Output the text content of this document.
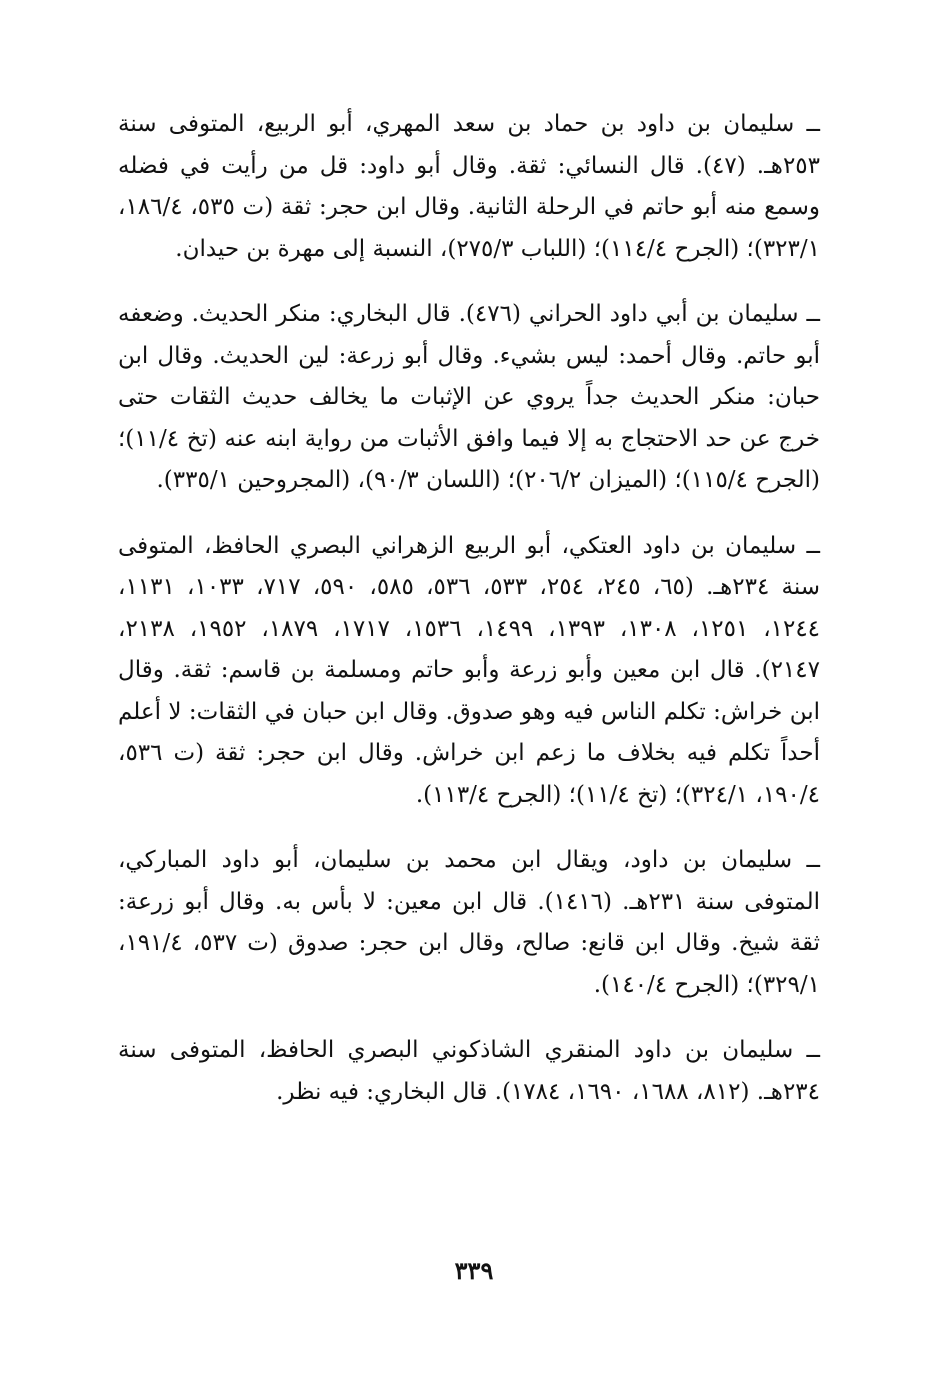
ــ سليمان بن داود بن حماد بن سعد المهري، أبو الربيع، المتوفى سنة ٢٥٣هـ. (٤٧). قال النسائي: ثقة. وقال أبو داود: قل من رأيت في فضله وسمع منه أبو حاتم في الرحلة الثانية. وقال ابن حجر: ثقة (ت ٥٣٥، ١٨٦/٤، ٣٢٣/١)؛ (الجرح ١١٤/٤)؛ (اللباب ٢٧٥/٣)، النسبة إلى مهرة بن حيدان.

ــ سليمان بن أبي داود الحراني (٤٧٦). قال البخاري: منكر الحديث. وضعفه أبو حاتم. وقال أحمد: ليس بشيء. وقال أبو زرعة: لين الحديث. وقال ابن حبان: منكر الحديث جداً يروي عن الإثبات ما يخالف حديث الثقات حتى خرج عن حد الاحتجاج به إلا فيما وافق الأثبات من رواية ابنه عنه (تخ ١١/٤)؛ (الجرح ١١٥/٤)؛ (الميزان ٢٠٦/٢)؛ (اللسان ٩٠/٣)، (المجروحين ٣٣٥/١).

ــ سليمان بن داود العتكي، أبو الربيع الزهراني البصري الحافظ، المتوفى سنة ٢٣٤هـ. (٦٥، ٢٤٥، ٢٥٤، ٥٣٣، ٥٣٦، ٥٨٥، ٥٩٠، ٧١٧، ١٠٣٣، ١١٣١، ١٢٤٤، ١٢٥١، ١٣٠٨، ١٣٩٣، ١٤٩٩، ١٥٣٦، ١٧١٧، ١٨٧٩، ١٩٥٢، ٢١٣٨، ٢١٤٧). قال ابن معين وأبو زرعة وأبو حاتم ومسلمة بن قاسم: ثقة. وقال ابن خراش: تكلم الناس فيه وهو صدوق. وقال ابن حبان في الثقات: لا أعلم أحداً تكلم فيه بخلاف ما زعم ابن خراش. وقال ابن حجر: ثقة (ت ٥٣٦، ١٩٠/٤، ٣٢٤/١)؛ (تخ ١١/٤)؛ (الجرح ١١٣/٤).

ــ سليمان بن داود، ويقال ابن محمد بن سليمان، أبو داود المباركي، المتوفى سنة ٢٣١هـ. (١٤١٦). قال ابن معين: لا بأس به. وقال أبو زرعة: ثقة شيخ. وقال ابن قانع: صالح، وقال ابن حجر: صدوق (ت ٥٣٧، ١٩١/٤، ٣٢٩/١)؛ (الجرح ١٤٠/٤).

ــ سليمان بن داود المنقري الشاذكوني البصري الحافظ، المتوفى سنة ٢٣٤هـ. (٨١٢، ١٦٨٨، ١٦٩٠، ١٧٨٤). قال البخاري: فيه نظر.

٣٣٩
